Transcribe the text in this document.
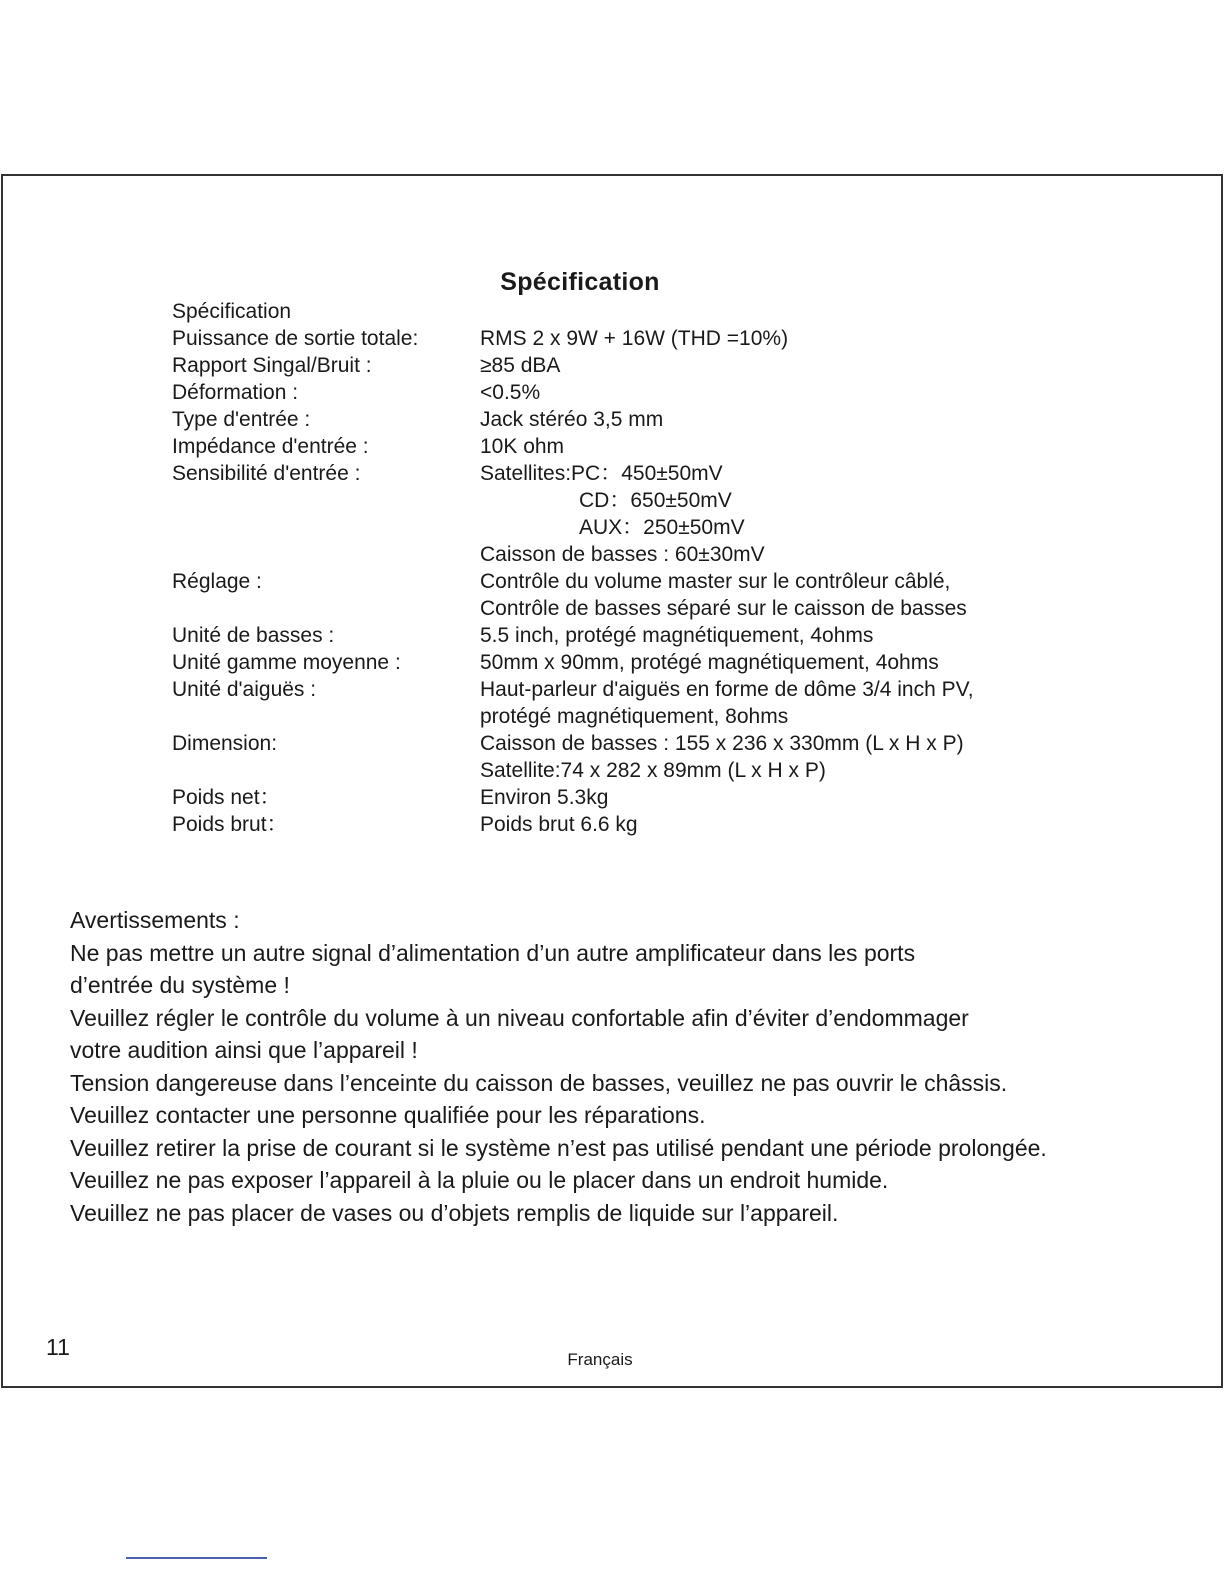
Spécification
Spécification
Puissance de sortie totale:	RMS 2 x 9W + 16W (THD =10%)
Rapport Singal/Bruit :	≥85 dBA
Déformation :	<0.5%
Type d'entrée :	Jack stéréo 3,5 mm
Impédance d'entrée :	10K ohm
Sensibilité d'entrée :	Satellites:PC：450±50mV
CD：650±50mV
AUX：250±50mV
Caisson de basses : 60±30mV
Réglage :	Contrôle du volume master sur le contrôleur câblé,
Contrôle de basses séparé sur le caisson de basses
Unité de basses :	5.5 inch, protégé magnétiquement, 4ohms
Unité gamme moyenne :	50mm x 90mm, protégé magnétiquement, 4ohms
Unité d'aiguës :	Haut-parleur d'aiguës en forme de dôme 3/4 inch PV,
protégé magnétiquement, 8ohms
Dimension:	Caisson de basses : 155 x 236 x 330mm (L x H x P)
Satellite:74 x 282 x 89mm (L x H x P)
Poids net：	Environ 5.3kg
Poids brut：	Poids brut 6.6 kg
Avertissements :
Ne pas mettre un autre signal d’alimentation d’un autre amplificateur dans les ports
d’entrée du système !
Veuillez régler le contrôle du volume à un niveau confortable afin d’éviter d’endommager
votre audition ainsi que l’appareil !
Tension dangereuse dans l’enceinte du caisson de basses, veuillez ne pas ouvrir le châssis.
Veuillez contacter une personne qualifiée pour les réparations.
Veuillez retirer la prise de courant si le système n’est pas utilisé pendant une période prolongée.
Veuillez ne pas exposer l’appareil à la pluie ou le placer dans un endroit humide.
Veuillez ne pas placer de vases ou d’objets remplis de liquide sur l’appareil.
11	Français
